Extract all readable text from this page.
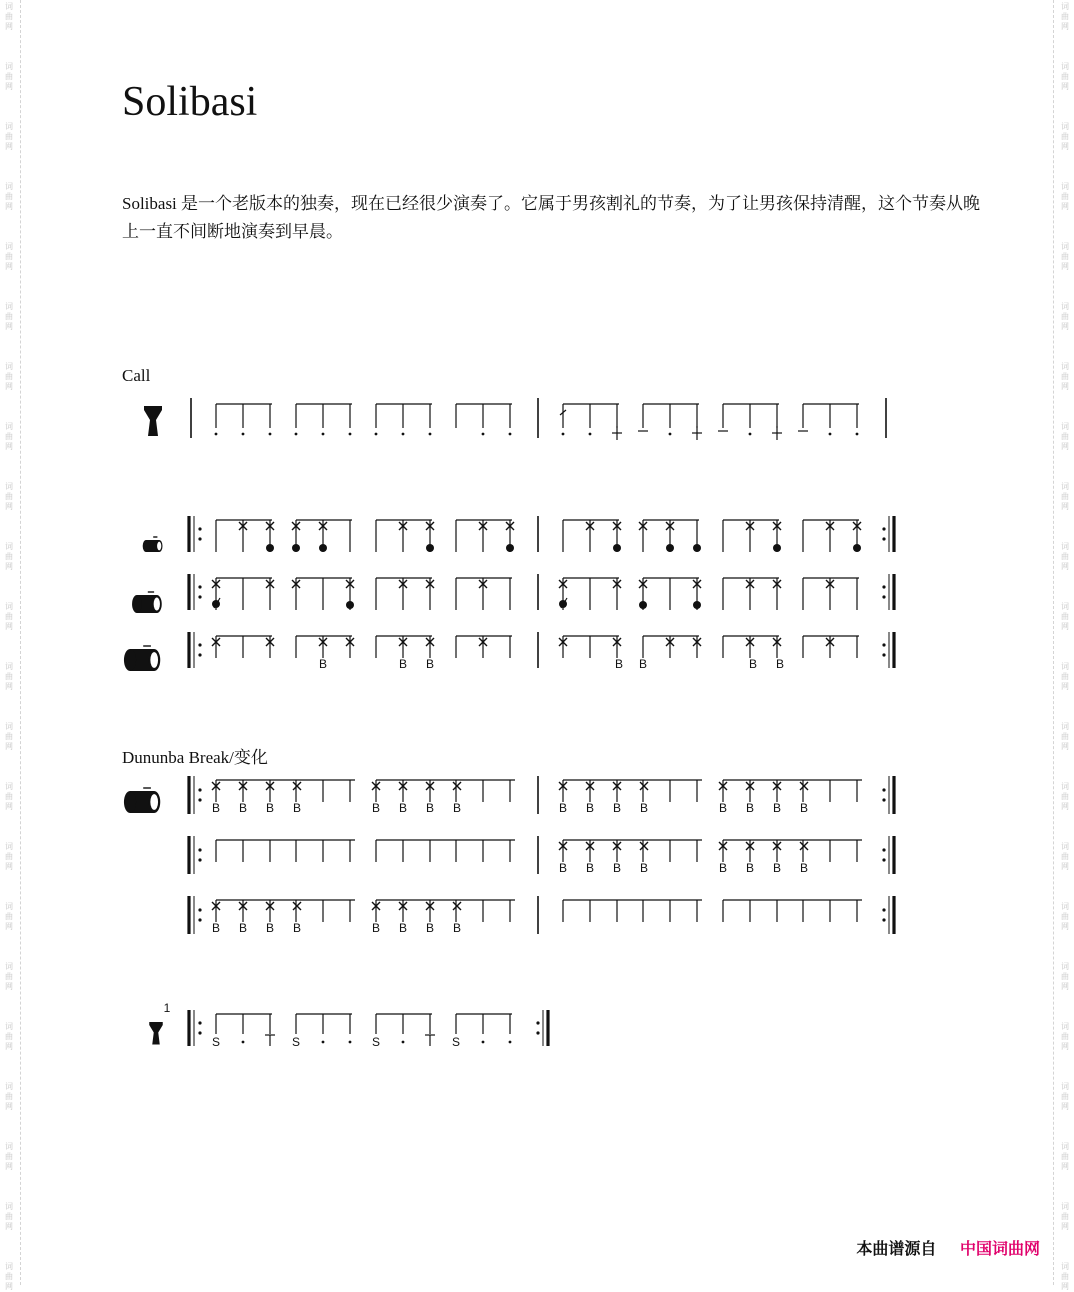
Solibasi

Solibasi 是一个老版本的独奏，现在已经很少演奏了。它属于男孩割礼的节奏，为了让男孩保持清醒，这个节奏从晚上一直不间断地演奏到早晨。

Call
Dununba Break/变化
B	B B	B	B B
B
B B B B	B B B B	B B B B	B B B B
B B B B	B B B B
B B B B	B B B B
1
S	S	S	S
本曲谱源自 中国词曲网
词
曲
网
词
曲
网
词
曲
网
词
曲
网
词
曲
网
词
曲
网
词
曲
网
词
曲
网
词
曲
网
词
曲
网
词
曲
网
词
曲
网
词
曲
网
词
曲
网
词
曲
网
词
曲
网
词
曲
网
词
曲
网
词
曲
网
词
曲
网
词
曲
网
词
曲
网
词
曲
网
词
曲
网
词
曲
网
词
曲
网
词
曲
网
词
曲
网
词
曲
网
词
曲
网
词
曲
网
词
曲
网
词
曲
网
词
曲
网
词
曲
网
词
曲
网
词
曲
网
词
曲
网
词
曲
网
词
曲
网
词
曲
网
词
曲
网
词
曲
网
词
曲
网
